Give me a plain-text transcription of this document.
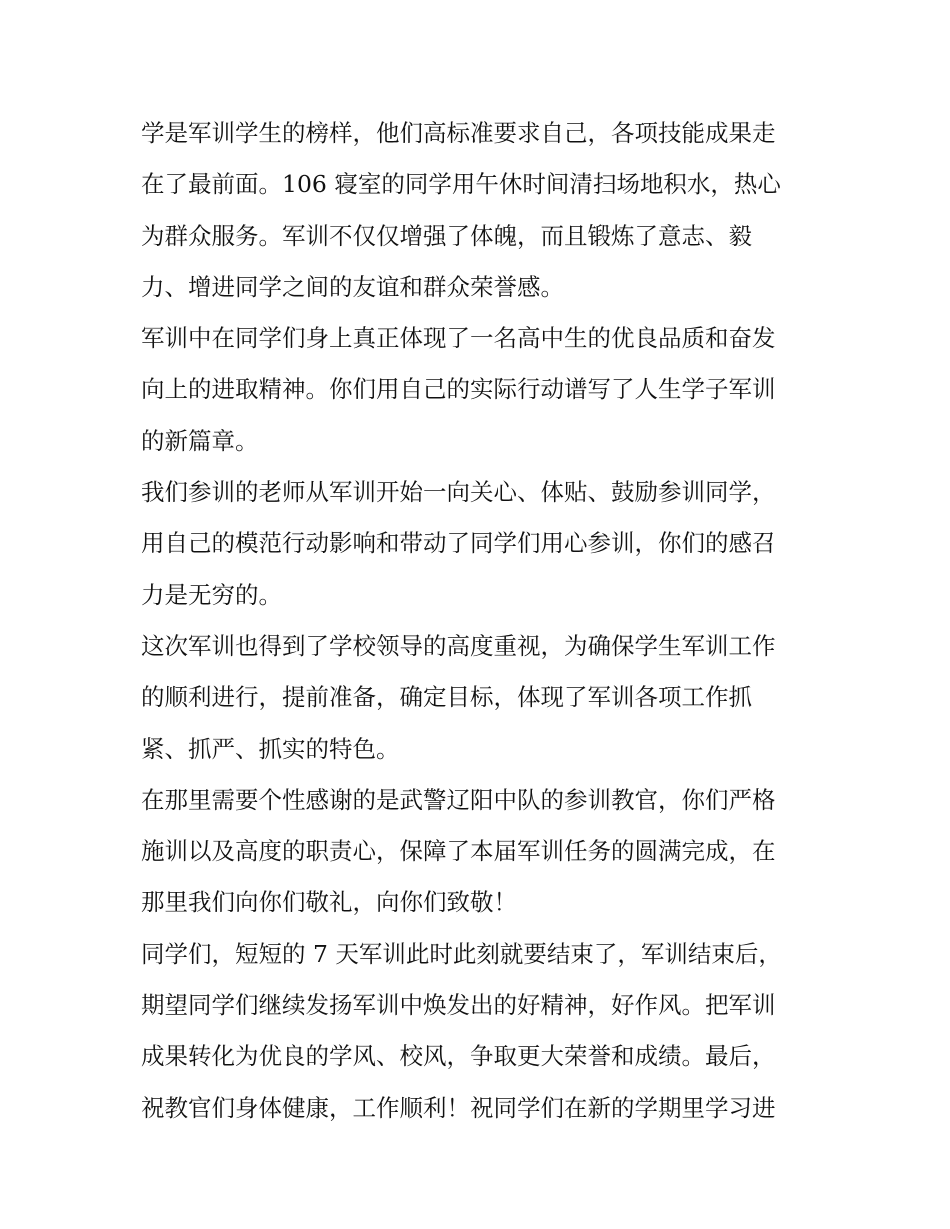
学是军训学生的榜样，他们高标准要求自己，各项技能成果走
在了最前面。106 寝室的同学用午休时间清扫场地积水，热心
为群众服务。军训不仅仅增强了体魄，而且锻炼了意志、毅
力、增进同学之间的友谊和群众荣誉感。
军训中在同学们身上真正体现了一名高中生的优良品质和奋发
向上的进取精神。你们用自己的实际行动谱写了人生学子军训
的新篇章。
我们参训的老师从军训开始一向关心、体贴、鼓励参训同学，
用自己的模范行动影响和带动了同学们用心参训，你们的感召
力是无穷的。
这次军训也得到了学校领导的高度重视，为确保学生军训工作
的顺利进行，提前准备，确定目标，体现了军训各项工作抓
紧、抓严、抓实的特色。
在那里需要个性感谢的是武警辽阳中队的参训教官，你们严格
施训以及高度的职责心，保障了本届军训任务的圆满完成，在
那里我们向你们敬礼，向你们致敬！
同学们，短短的 7 天军训此时此刻就要结束了，军训结束后，
期望同学们继续发扬军训中焕发出的好精神，好作风。把军训
成果转化为优良的学风、校风，争取更大荣誉和成绩。最后，
祝教官们身体健康，工作顺利！祝同学们在新的学期里学习进
